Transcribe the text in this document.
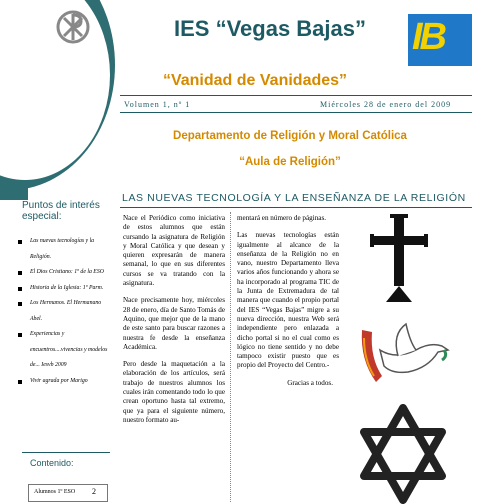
IES “Vegas Bajas”	IB
“Vanidad de Vanidades”
Volumen 1, nº 1	Miércoles 28 de enero del 2009
Departamento de Religión y Moral Católica
“Aula de Religión”
LAS NUEVAS TECNOLOGÍA Y LA ENSEÑANZA DE LA RELIGIÓN
Puntos de interés especial:
Las nuevas tecnologías y la Religión.
El Dios Cristiano: 1º de la ESO
Historia de la Iglesia: 1º Parm.
Los Hermanos. El Hermanano Abel.
Experiencias y encuentros....vivencias y modelos de... Iesvb 2009
Vivir agrada por Marigo
Contenido:
Alumnos 1º ESO 2

Nace el Periódico como iniciativa de estos alumnos que están cursando la asignatura de Religión y Moral Católica y que desean y quieren expresarán de manera semanal, lo que en sus diferentes cursos se va tratando con la asignatura.

Nace precisamente hoy, miércoles 28 de enero, día de Santo Tomás de Aquino, que mejor que de la mano de este santo para buscar razones a nuestra fe desde la enseñanza Académica.

Pero desde la maquetación a la elaboración de los artículos, será trabajo de nuestros alumnos los cuales irán comentando todo lo que crean oportuno hasta tal extremo, que ya para el siguiente número, nuestro formato au-

mentará en número de páginas.

Las nuevas tecnologías están igualmente al alcance de la enseñanza de la Religión no en vano, nuestro Departamento lleva varios años funcionando y ahora se ha incorporado al programa TIC de la Junta de Extremadura de tal manera que cuando el propio portal del IES “Vegas Bajas” migre a su nueva dirección, nuestra Web será independiente pero enlazada a dicho portal si no el cual como es lógico no tiene sentido y no debe tampoco existir puesto que es propio del Proyecto del Centro.-

Gracias a todos.
